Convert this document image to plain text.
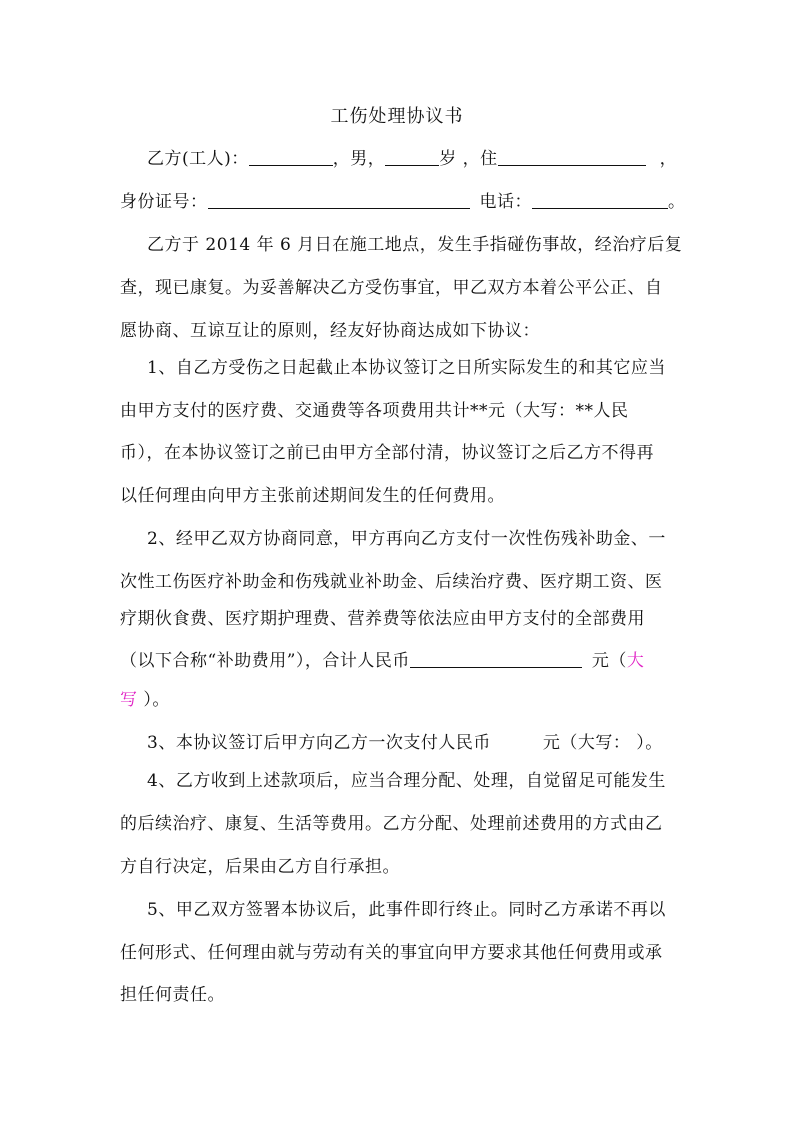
工伤处理协议书
乙方(工人)：	，男，	岁 ，住	，
身份证号：	电话：	。
乙方于 2014 年 6 月日在施工地点，发生手指碰伤事故，经治疗后复
查，现已康复。为妥善解决乙方受伤事宜，甲乙双方本着公平公正、自
愿协商、互谅互让的原则，经友好协商达成如下协议：
1、自乙方受伤之日起截止本协议签订之日所实际发生的和其它应当
由甲方支付的医疗费、交通费等各项费用共计**元（大写：**人民
币），在本协议签订之前已由甲方全部付清，协议签订之后乙方不得再
以任何理由向甲方主张前述期间发生的任何费用。
2、经甲乙双方协商同意，甲方再向乙方支付一次性伤残补助金、一
次性工伤医疗补助金和伤残就业补助金、后续治疗费、医疗期工资、医
疗期伙食费、医疗期护理费、营养费等依法应由甲方支付的全部费用
（以下合称“补助费用”），合计人民币	元（大
写 ）。
3、本协议签订后甲方向乙方一次支付人民币	元（大写： ）。
4、乙方收到上述款项后，应当合理分配、处理，自觉留足可能发生
的后续治疗、康复、生活等费用。乙方分配、处理前述费用的方式由乙
方自行决定，后果由乙方自行承担。
5、甲乙双方签署本协议后，此事件即行终止。同时乙方承诺不再以
任何形式、任何理由就与劳动有关的事宜向甲方要求其他任何费用或承
担任何责任。
